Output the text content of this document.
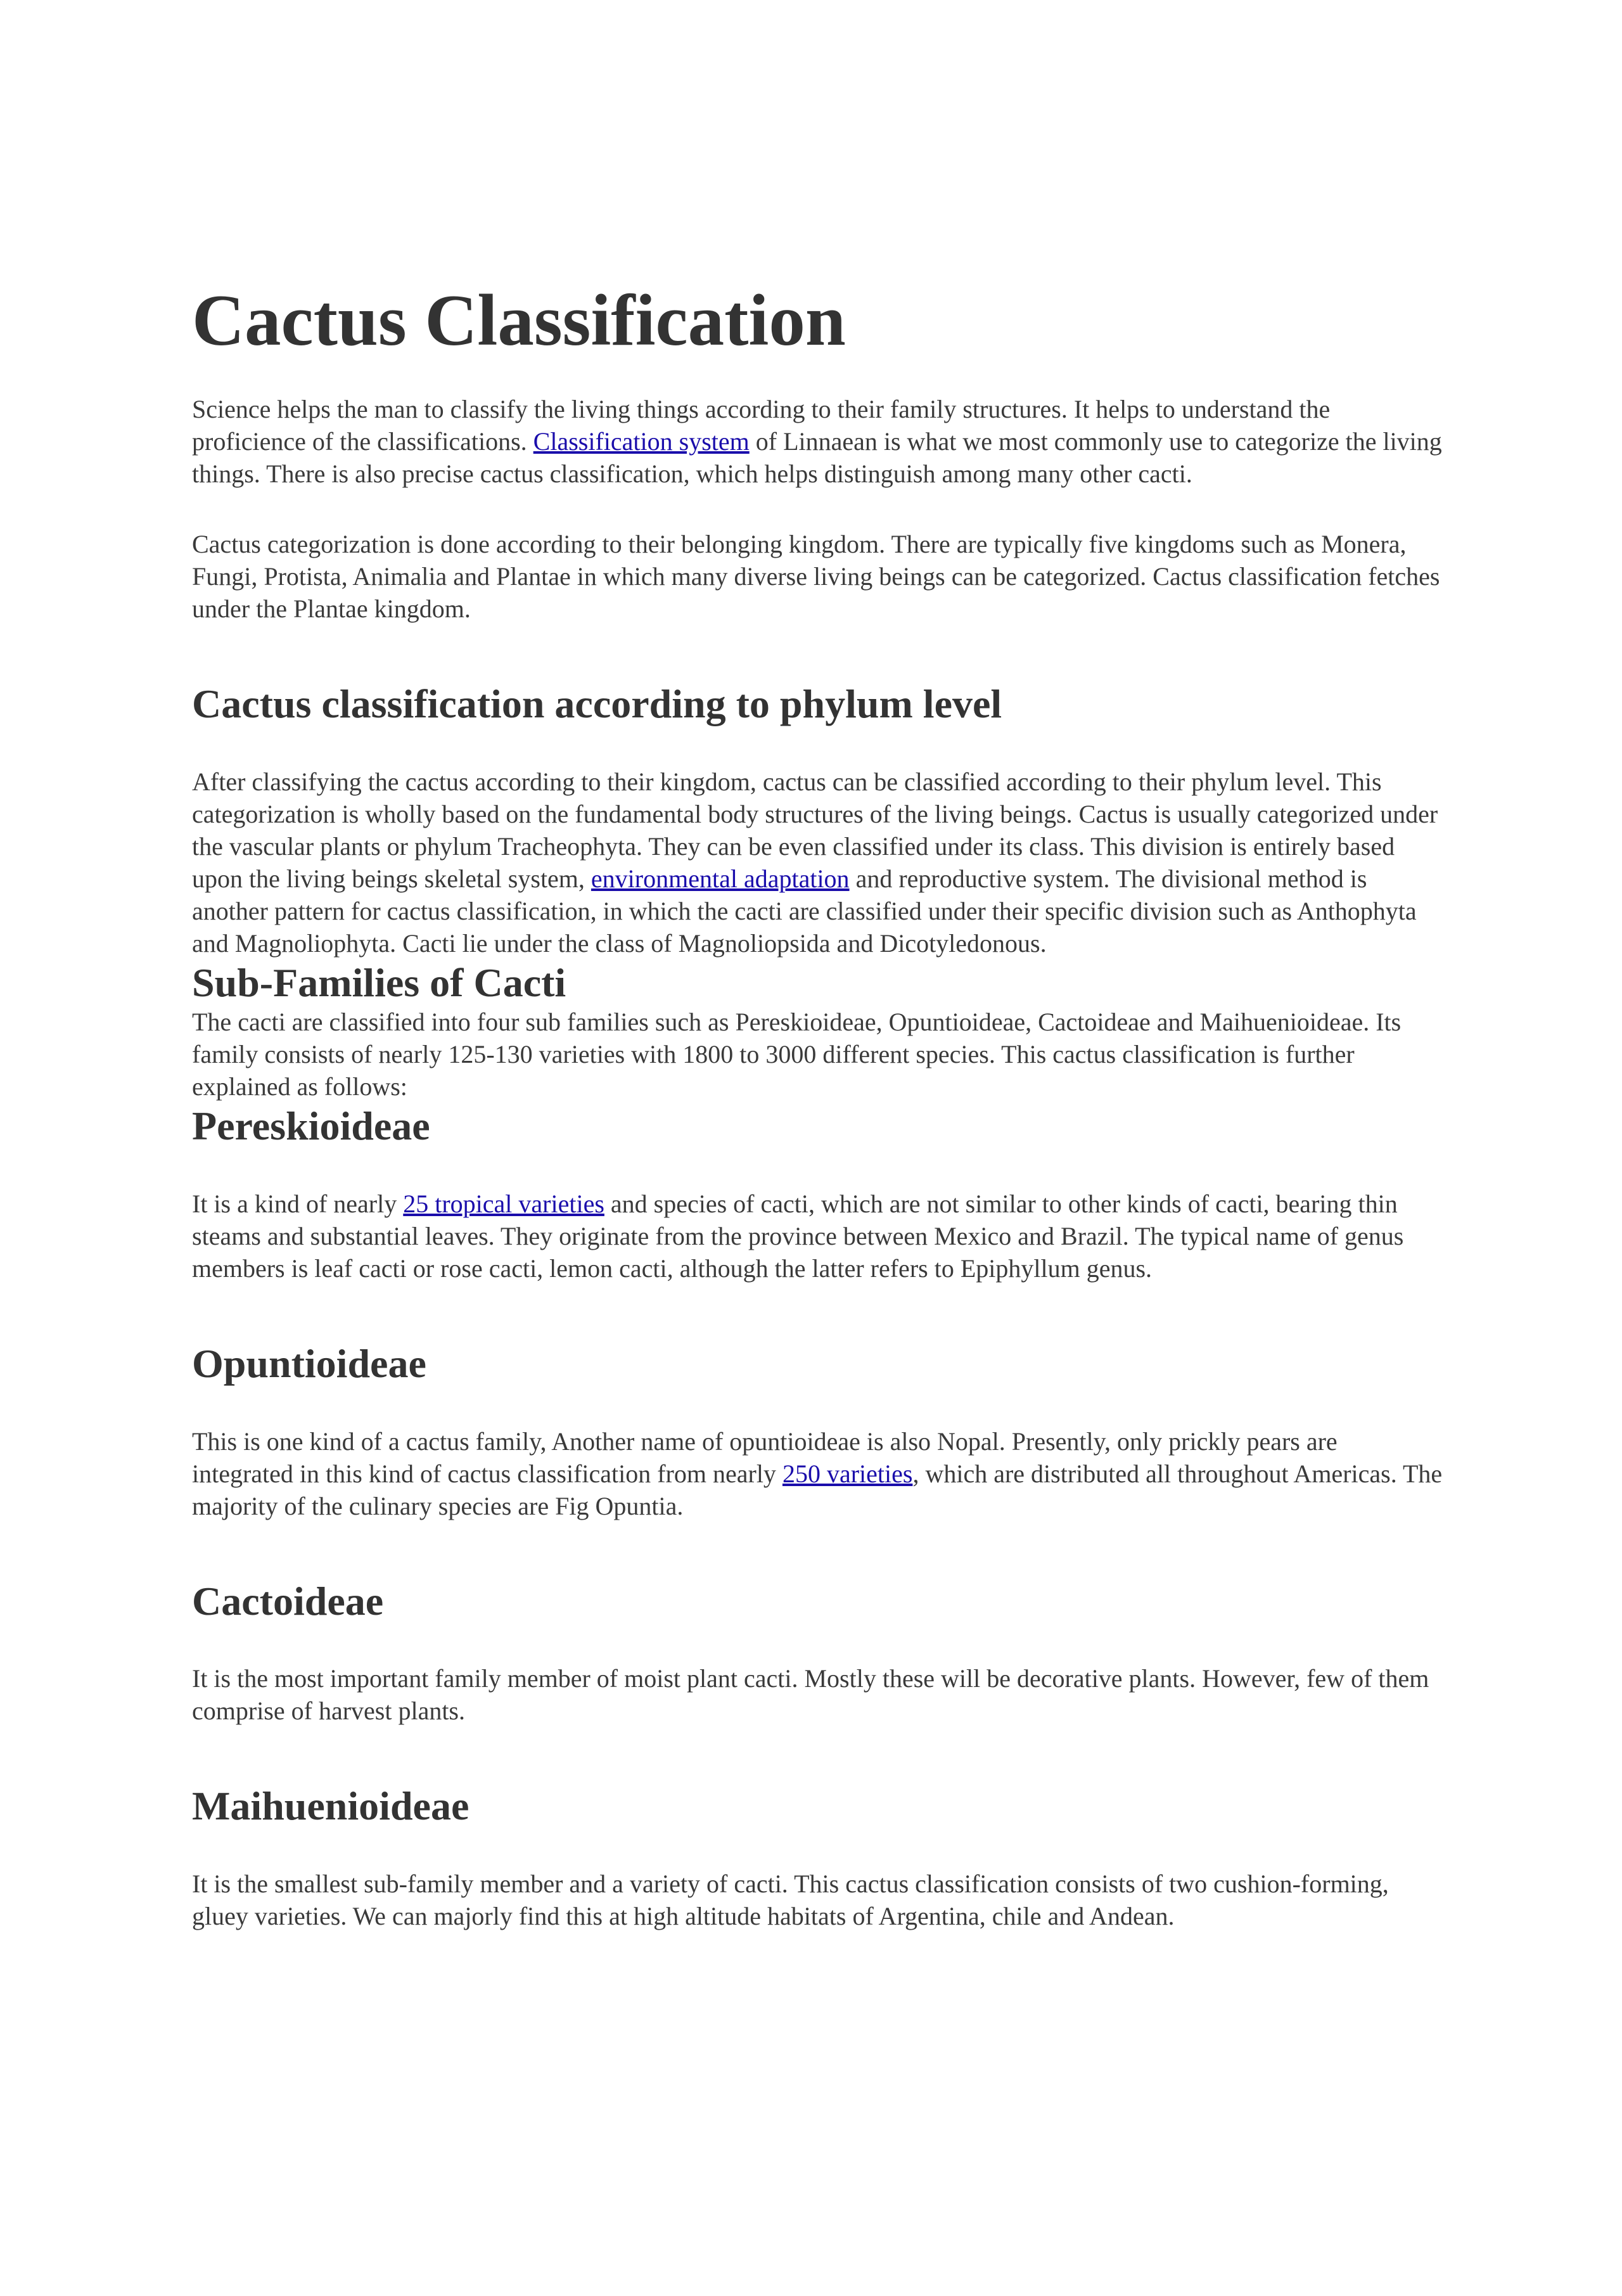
Cactus Classification

Science helps the man to classify the living things according to their family structures. It helps to understand the proficience of the classifications. Classification system of Linnaean is what we most commonly use to categorize the living things. There is also precise cactus classification, which helps distinguish among many other cacti.

Cactus categorization is done according to their belonging kingdom. There are typically five kingdoms such as Monera, Fungi, Protista, Animalia and Plantae in which many diverse living beings can be categorized. Cactus classification fetches under the Plantae kingdom.

Cactus classification according to phylum level

After classifying the cactus according to their kingdom, cactus can be classified according to their phylum level. This categorization is wholly based on the fundamental body structures of the living beings. Cactus is usually categorized under the vascular plants or phylum Tracheophyta. They can be even classified under its class. This division is entirely based upon the living beings skeletal system, environmental adaptation and reproductive system. The divisional method is another pattern for cactus classification, in which the cacti are classified under their specific division such as Anthophyta and Magnoliophyta. Cacti lie under the class of Magnoliopsida and Dicotyledonous.

Sub-Families of Cacti

The cacti are classified into four sub families such as Pereskioideae, Opuntioideae, Cactoideae and Maihuenioideae. Its family consists of nearly 125-130 varieties with 1800 to 3000 different species. This cactus classification is further explained as follows:

Pereskioideae

It is a kind of nearly 25 tropical varieties and species of cacti, which are not similar to other kinds of cacti, bearing thin steams and substantial leaves. They originate from the province between Mexico and Brazil. The typical name of genus members is leaf cacti or rose cacti, lemon cacti, although the latter refers to Epiphyllum genus.

Opuntioideae

This is one kind of a cactus family, Another name of opuntioideae is also Nopal. Presently, only prickly pears are integrated in this kind of cactus classification from nearly 250 varieties, which are distributed all throughout Americas. The majority of the culinary species are Fig Opuntia.

Cactoideae

It is the most important family member of moist plant cacti. Mostly these will be decorative plants. However, few of them comprise of harvest plants.

Maihuenioideae

It is the smallest sub-family member and a variety of cacti. This cactus classification consists of two cushion-forming, gluey varieties. We can majorly find this at high altitude habitats of Argentina, chile and Andean.
